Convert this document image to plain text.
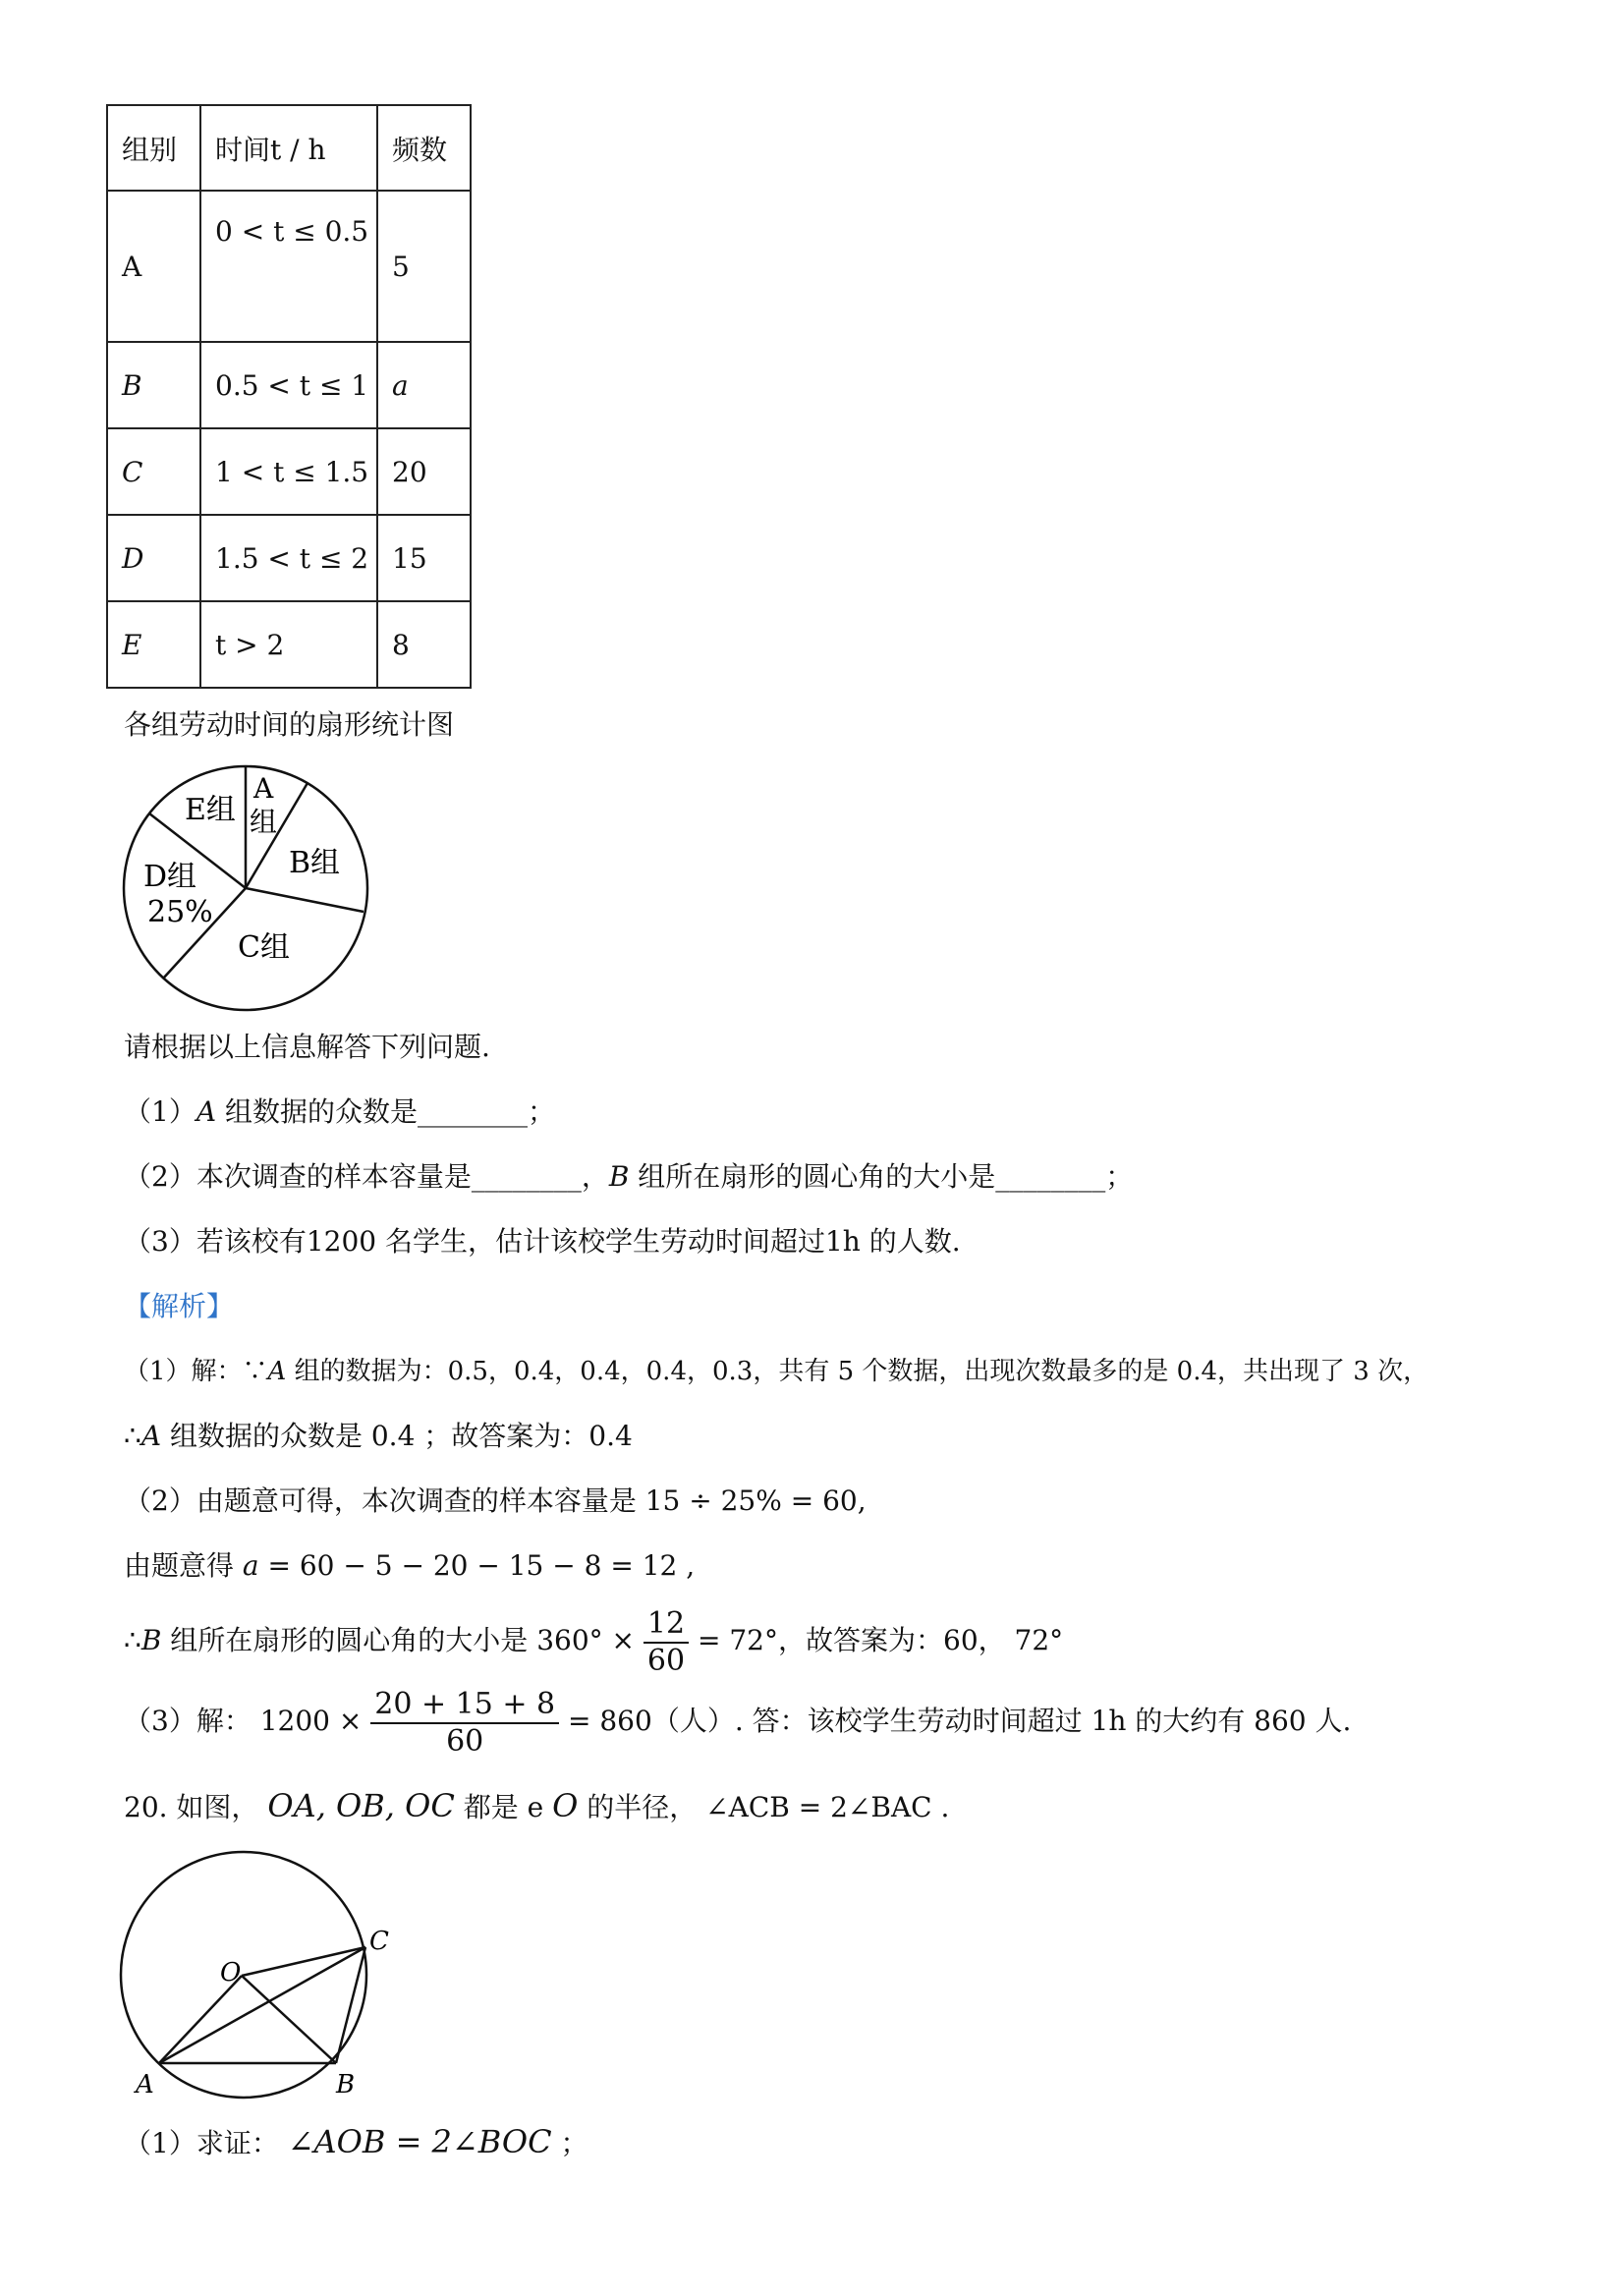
组别	时间t / h	频数
A	0 < t ≤ 0.5	5
B	0.5 < t ≤ 1	a
C	1 < t ≤ 1.5	20
D	1.5 < t ≤ 2	15
E	t > 2	8
各组劳动时间的扇形统计图
A
组
B组
C组
D组
25%
E组
请根据以上信息解答下列问题.
（1）A 组数据的众数是________；
（2）本次调查的样本容量是________，B 组所在扇形的圆心角的大小是________；
（3）若该校有1200 名学生，估计该校学生劳动时间超过1h 的人数.
【解析】
（1）解：∵A 组的数据为：0.5，0.4，0.4，0.4，0.3，共有 5 个数据，出现次数最多的是 0.4，共出现了 3 次，
∴A 组数据的众数是 0.4 ；故答案为：0.4
（2）由题意可得，本次调查的样本容量是 15 ÷ 25% = 60,
由题意得 a = 60 − 5 − 20 − 15 − 8 = 12 ,
∴B 组所在扇形的圆心角的大小是 $360^\circ \times \frac{12}{60} = 72^\circ$，故答案为：60， 72°
（3）解： $1200 \times \frac{20 + 15 + 8}{60} = 860$（人）. 答：该校学生劳动时间超过 1h 的大约有 860 人.
20. 如图， OA, OB, OC 都是 e O 的半径， ∠ACB = 2∠BAC .
O
A	B
C
（1）求证： ∠AOB = 2∠BOC ；
